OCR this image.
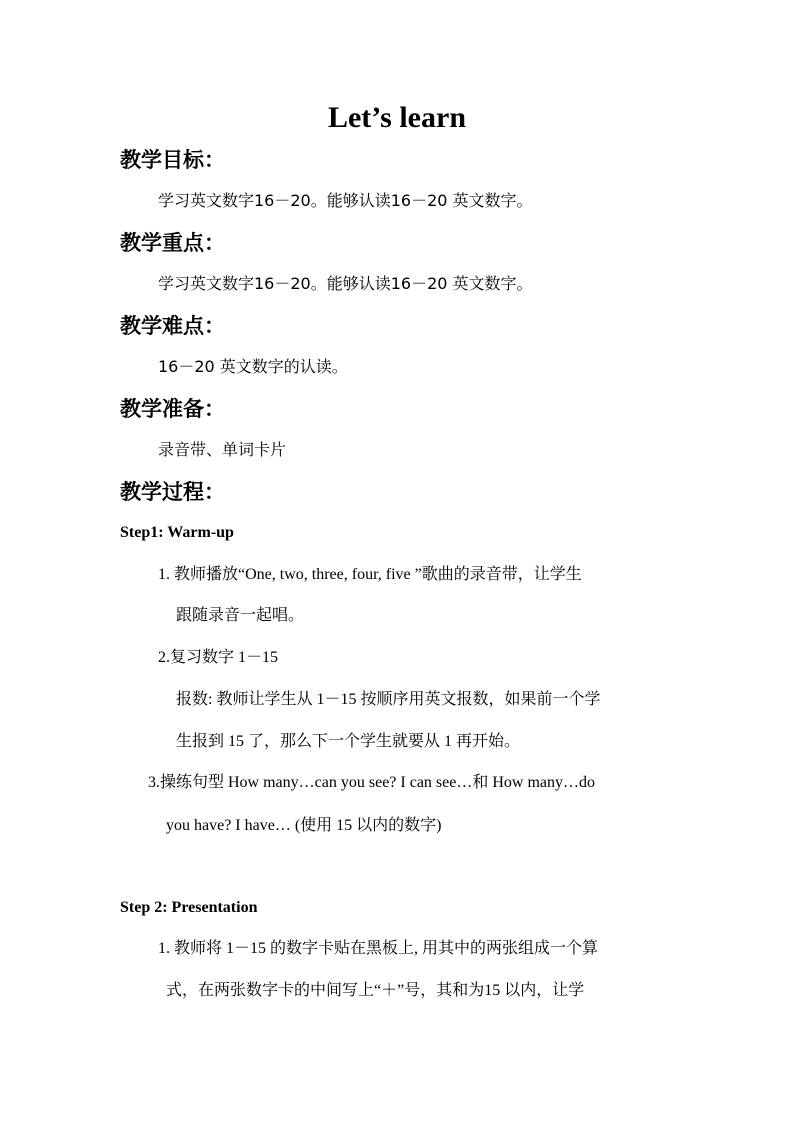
Let’s learn
教学目标：
学习英文数字16－20。能够认读16－20 英文数字。
教学重点：
学习英文数字16－20。能够认读16－20 英文数字。
教学难点：
16－20 英文数字的认读。
教学准备：
录音带、单词卡片
教学过程：
Step1: Warm-up
1. 教师播放“One, two, three, four, five ”歌曲的录音带，让学生
跟随录音一起唱。
2.复习数字 1－15
报数: 教师让学生从 1－15 按顺序用英文报数，如果前一个学
生报到 15 了，那么下一个学生就要从 1 再开始。
3.操练句型 How many…can you see? I can see…和 How many…do
you have? I have… (使用 15 以内的数字)
Step 2: Presentation
1. 教师将 1－15 的数字卡贴在黑板上, 用其中的两张组成一个算
式，在两张数字卡的中间写上“＋”号，其和为15 以内，让学
